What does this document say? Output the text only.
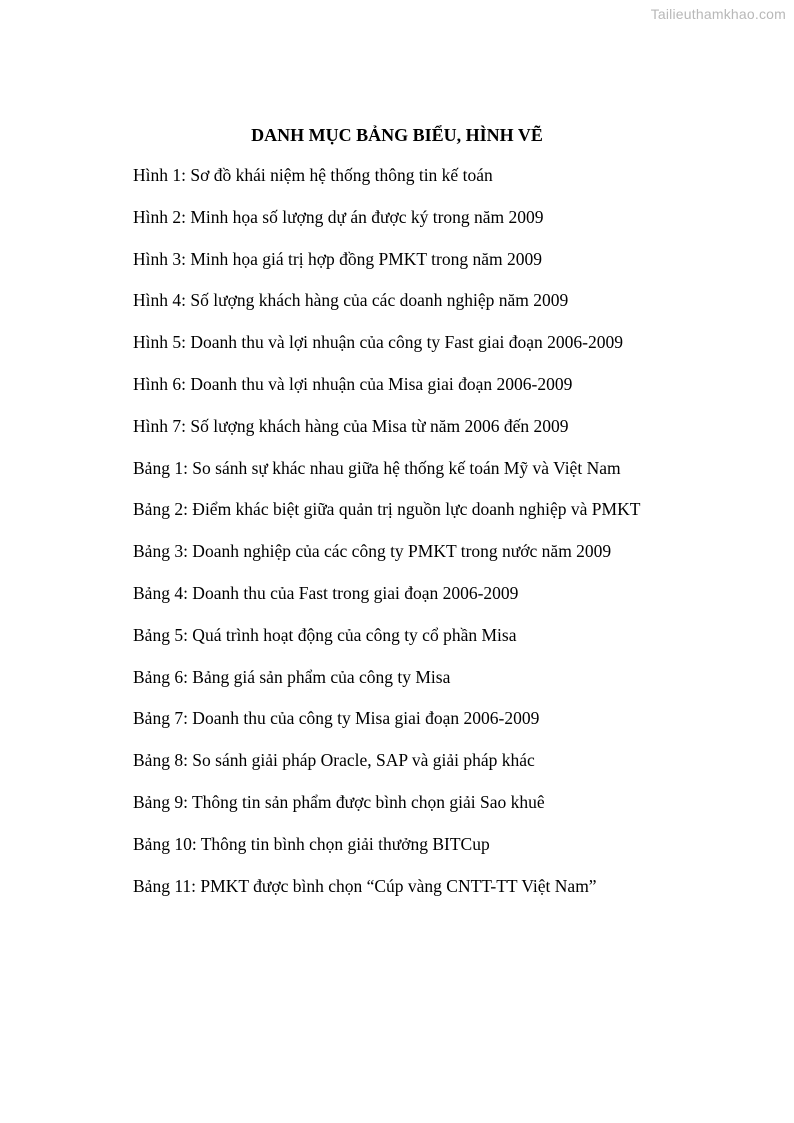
Tailieuthamkhao.com
DANH MỤC BẢNG BIỂU, HÌNH VẼ
Hình 1: Sơ đồ khái niệm hệ thống thông tin kế toán
Hình 2: Minh họa số lượng dự án được ký trong năm 2009
Hình 3: Minh họa giá trị hợp đồng PMKT trong năm 2009
Hình 4: Số lượng khách hàng của các doanh nghiệp năm 2009
Hình 5: Doanh thu và lợi nhuận của công ty Fast giai đoạn 2006-2009
Hình 6: Doanh thu và lợi nhuận của Misa giai đoạn 2006-2009
Hình 7: Số lượng khách hàng của Misa từ năm 2006 đến 2009
Bảng 1: So sánh sự khác nhau giữa hệ thống kế toán Mỹ và Việt Nam
Bảng 2: Điểm khác biệt giữa quản trị nguồn lực doanh nghiệp và PMKT
Bảng 3: Doanh nghiệp của các công ty PMKT trong nước năm 2009
Bảng 4: Doanh thu của Fast trong giai đoạn 2006-2009
Bảng 5: Quá trình hoạt động của công ty cổ phần Misa
Bảng 6: Bảng giá sản phẩm của công ty Misa
Bảng 7: Doanh thu của công ty Misa giai đoạn 2006-2009
Bảng 8: So sánh giải pháp Oracle, SAP và giải pháp khác
Bảng 9: Thông tin sản phẩm được bình chọn giải Sao khuê
Bảng 10: Thông tin bình chọn giải thưởng BITCup
Bảng 11: PMKT được bình chọn “Cúp vàng CNTT-TT Việt Nam”
